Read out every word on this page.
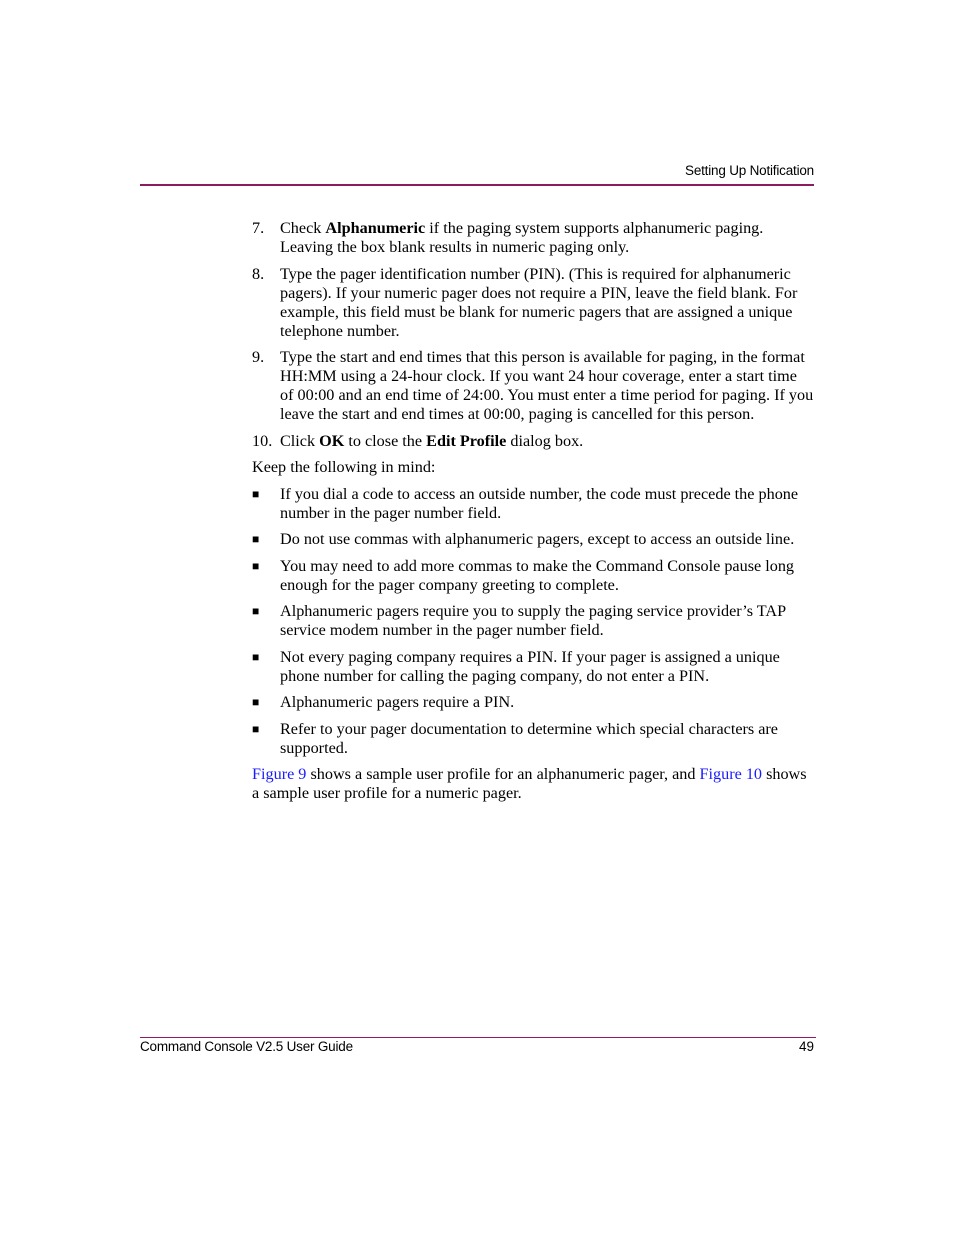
Setting Up Notification
7. Check Alphanumeric if the paging system supports alphanumeric paging. Leaving the box blank results in numeric paging only.
8. Type the pager identification number (PIN). (This is required for alphanumeric pagers). If your numeric pager does not require a PIN, leave the field blank. For example, this field must be blank for numeric pagers that are assigned a unique telephone number.
9. Type the start and end times that this person is available for paging, in the format HH:MM using a 24-hour clock. If you want 24 hour coverage, enter a start time of 00:00 and an end time of 24:00. You must enter a time period for paging. If you leave the start and end times at 00:00, paging is cancelled for this person.
10. Click OK to close the Edit Profile dialog box.
Keep the following in mind:
■ If you dial a code to access an outside number, the code must precede the phone number in the pager number field.
■ Do not use commas with alphanumeric pagers, except to access an outside line.
■ You may need to add more commas to make the Command Console pause long enough for the pager company greeting to complete.
■ Alphanumeric pagers require you to supply the paging service provider’s TAP service modem number in the pager number field.
■ Not every paging company requires a PIN. If your pager is assigned a unique phone number for calling the paging company, do not enter a PIN.
■ Alphanumeric pagers require a PIN.
■ Refer to your pager documentation to determine which special characters are supported.
Figure 9 shows a sample user profile for an alphanumeric pager, and Figure 10 shows a sample user profile for a numeric pager.
Command Console V2.5 User Guide	49
